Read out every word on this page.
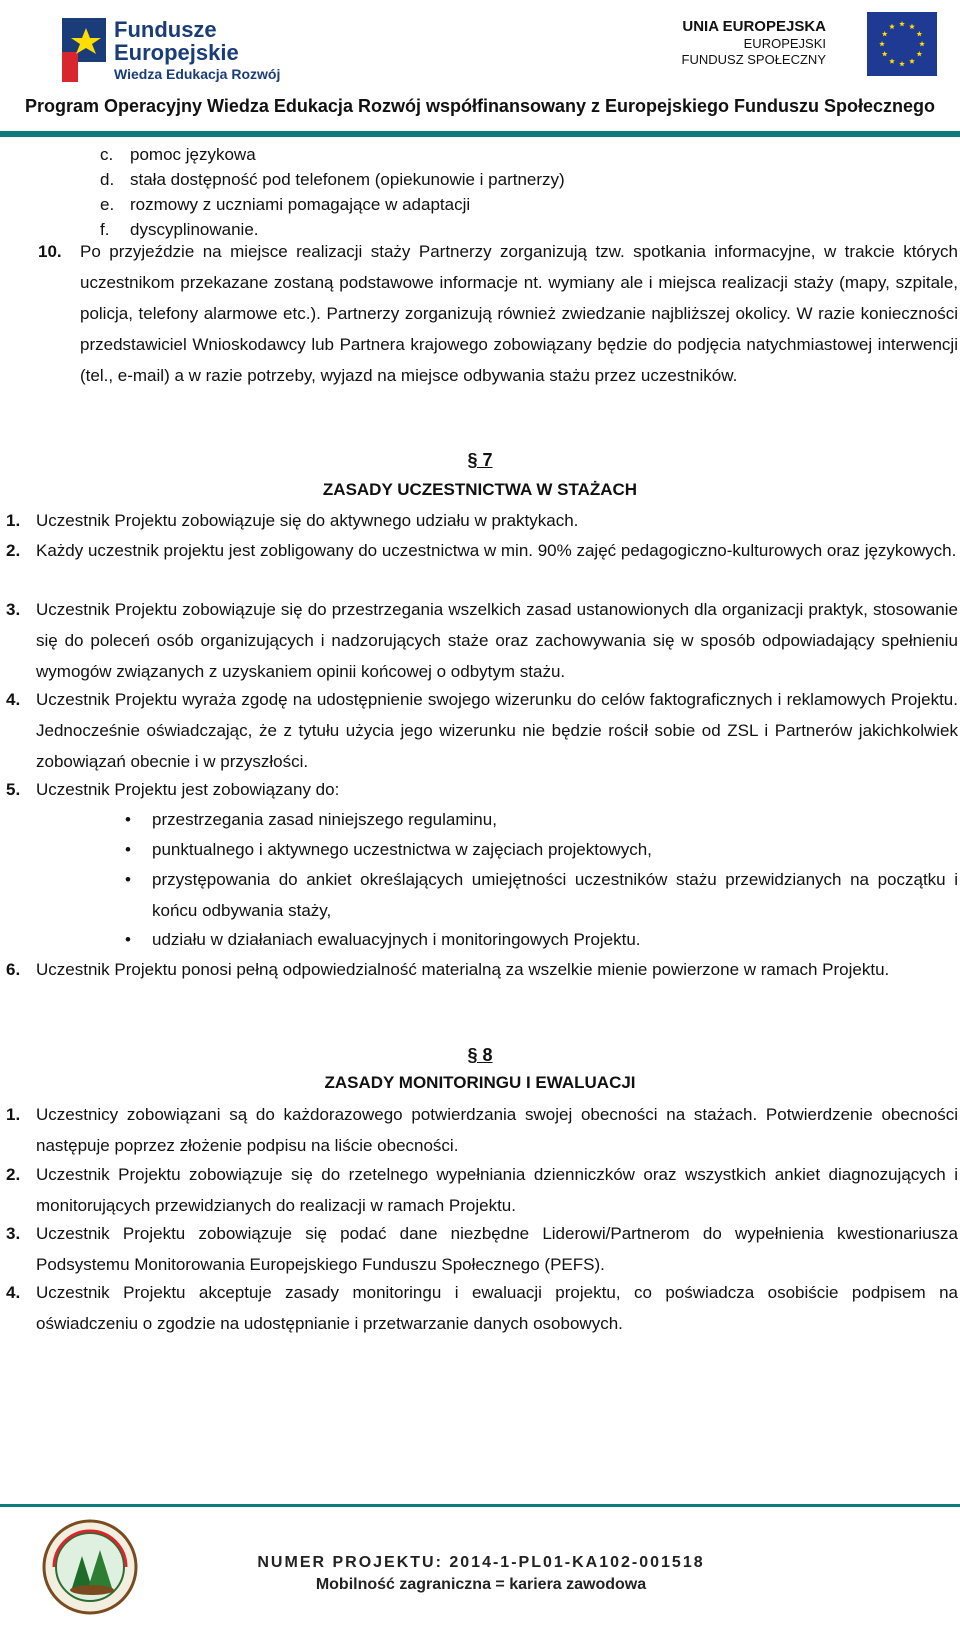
Fundusze
Europejskie
Wiedza Edukacja Rozwój
UNIA EUROPEJSKA
EUROPEJSKI
FUNDUSZ SPOŁECZNY
Program Operacyjny Wiedza Edukacja Rozwój współfinansowany z Europejskiego Funduszu Społecznego
c. pomoc językowa
d. stała dostępność pod telefonem (opiekunowie i partnerzy)
e. rozmowy z uczniami pomagające w adaptacji
f. dyscyplinowanie.
10. Po przyjeździe na miejsce realizacji staży Partnerzy zorganizują tzw. spotkania informacyjne, w trakcie których uczestnikom przekazane zostaną podstawowe informacje nt. wymiany ale i miejsca realizacji staży (mapy, szpitale, policja, telefony alarmowe etc.). Partnerzy zorganizują również zwiedzanie najbliższej okolicy. W razie konieczności przedstawiciel Wnioskodawcy lub Partnera krajowego zobowiązany będzie do podjęcia natychmiastowej interwencji (tel., e-mail) a w razie potrzeby, wyjazd na miejsce odbywania stażu przez uczestników.
§ 7
ZASADY UCZESTNICTWA W STAŻACH
1. Uczestnik Projektu zobowiązuje się do aktywnego udziału w praktykach.
2. Każdy uczestnik projektu jest zobligowany do uczestnictwa w min. 90% zajęć pedagogiczno-kulturowych oraz językowych.
3. Uczestnik Projektu zobowiązuje się do przestrzegania wszelkich zasad ustanowionych dla organizacji praktyk, stosowanie się do poleceń osób organizujących i nadzorujących staże oraz zachowywania się w sposób odpowiadający spełnieniu wymogów związanych z uzyskaniem opinii końcowej o odbytym stażu.
4. Uczestnik Projektu wyraża zgodę na udostępnienie swojego wizerunku do celów faktograficznych i reklamowych Projektu. Jednocześnie oświadczając, że z tytułu użycia jego wizerunku nie będzie rościł sobie od ZSL i Partnerów jakichkolwiek zobowiązań obecnie i w przyszłości.
5. Uczestnik Projektu jest zobowiązany do:
• przestrzegania zasad niniejszego regulaminu,
• punktualnego i aktywnego uczestnictwa w zajęciach projektowych,
• przystępowania do ankiet określających umiejętności uczestników stażu przewidzianych na początku i końcu odbywania staży,
• udziału w działaniach ewaluacyjnych i monitoringowych Projektu.
6. Uczestnik Projektu ponosi pełną odpowiedzialność materialną za wszelkie mienie powierzone w ramach Projektu.
§ 8
ZASADY MONITORINGU I EWALUACJI
1. Uczestnicy zobowiązani są do każdorazowego potwierdzania swojej obecności na stażach. Potwierdzenie obecności następuje poprzez złożenie podpisu na liście obecności.
2. Uczestnik Projektu zobowiązuje się do rzetelnego wypełniania dzienniczków oraz wszystkich ankiet diagnozujących i monitorujących przewidzianych do realizacji w ramach Projektu.
3. Uczestnik Projektu zobowiązuje się podać dane niezbędne Liderowi/Partnerom do wypełnienia kwestionariusza Podsystemu Monitorowania Europejskiego Funduszu Społecznego (PEFS).
4. Uczestnik Projektu akceptuje zasady monitoringu i ewaluacji projektu, co poświadcza osobiście podpisem na oświadczeniu o zgodzie na udostępnianie i przetwarzanie danych osobowych.
NUMER PROJEKTU: 2014-1-PL01-KA102-001518
Mobilność zagraniczna = kariera zawodowa
